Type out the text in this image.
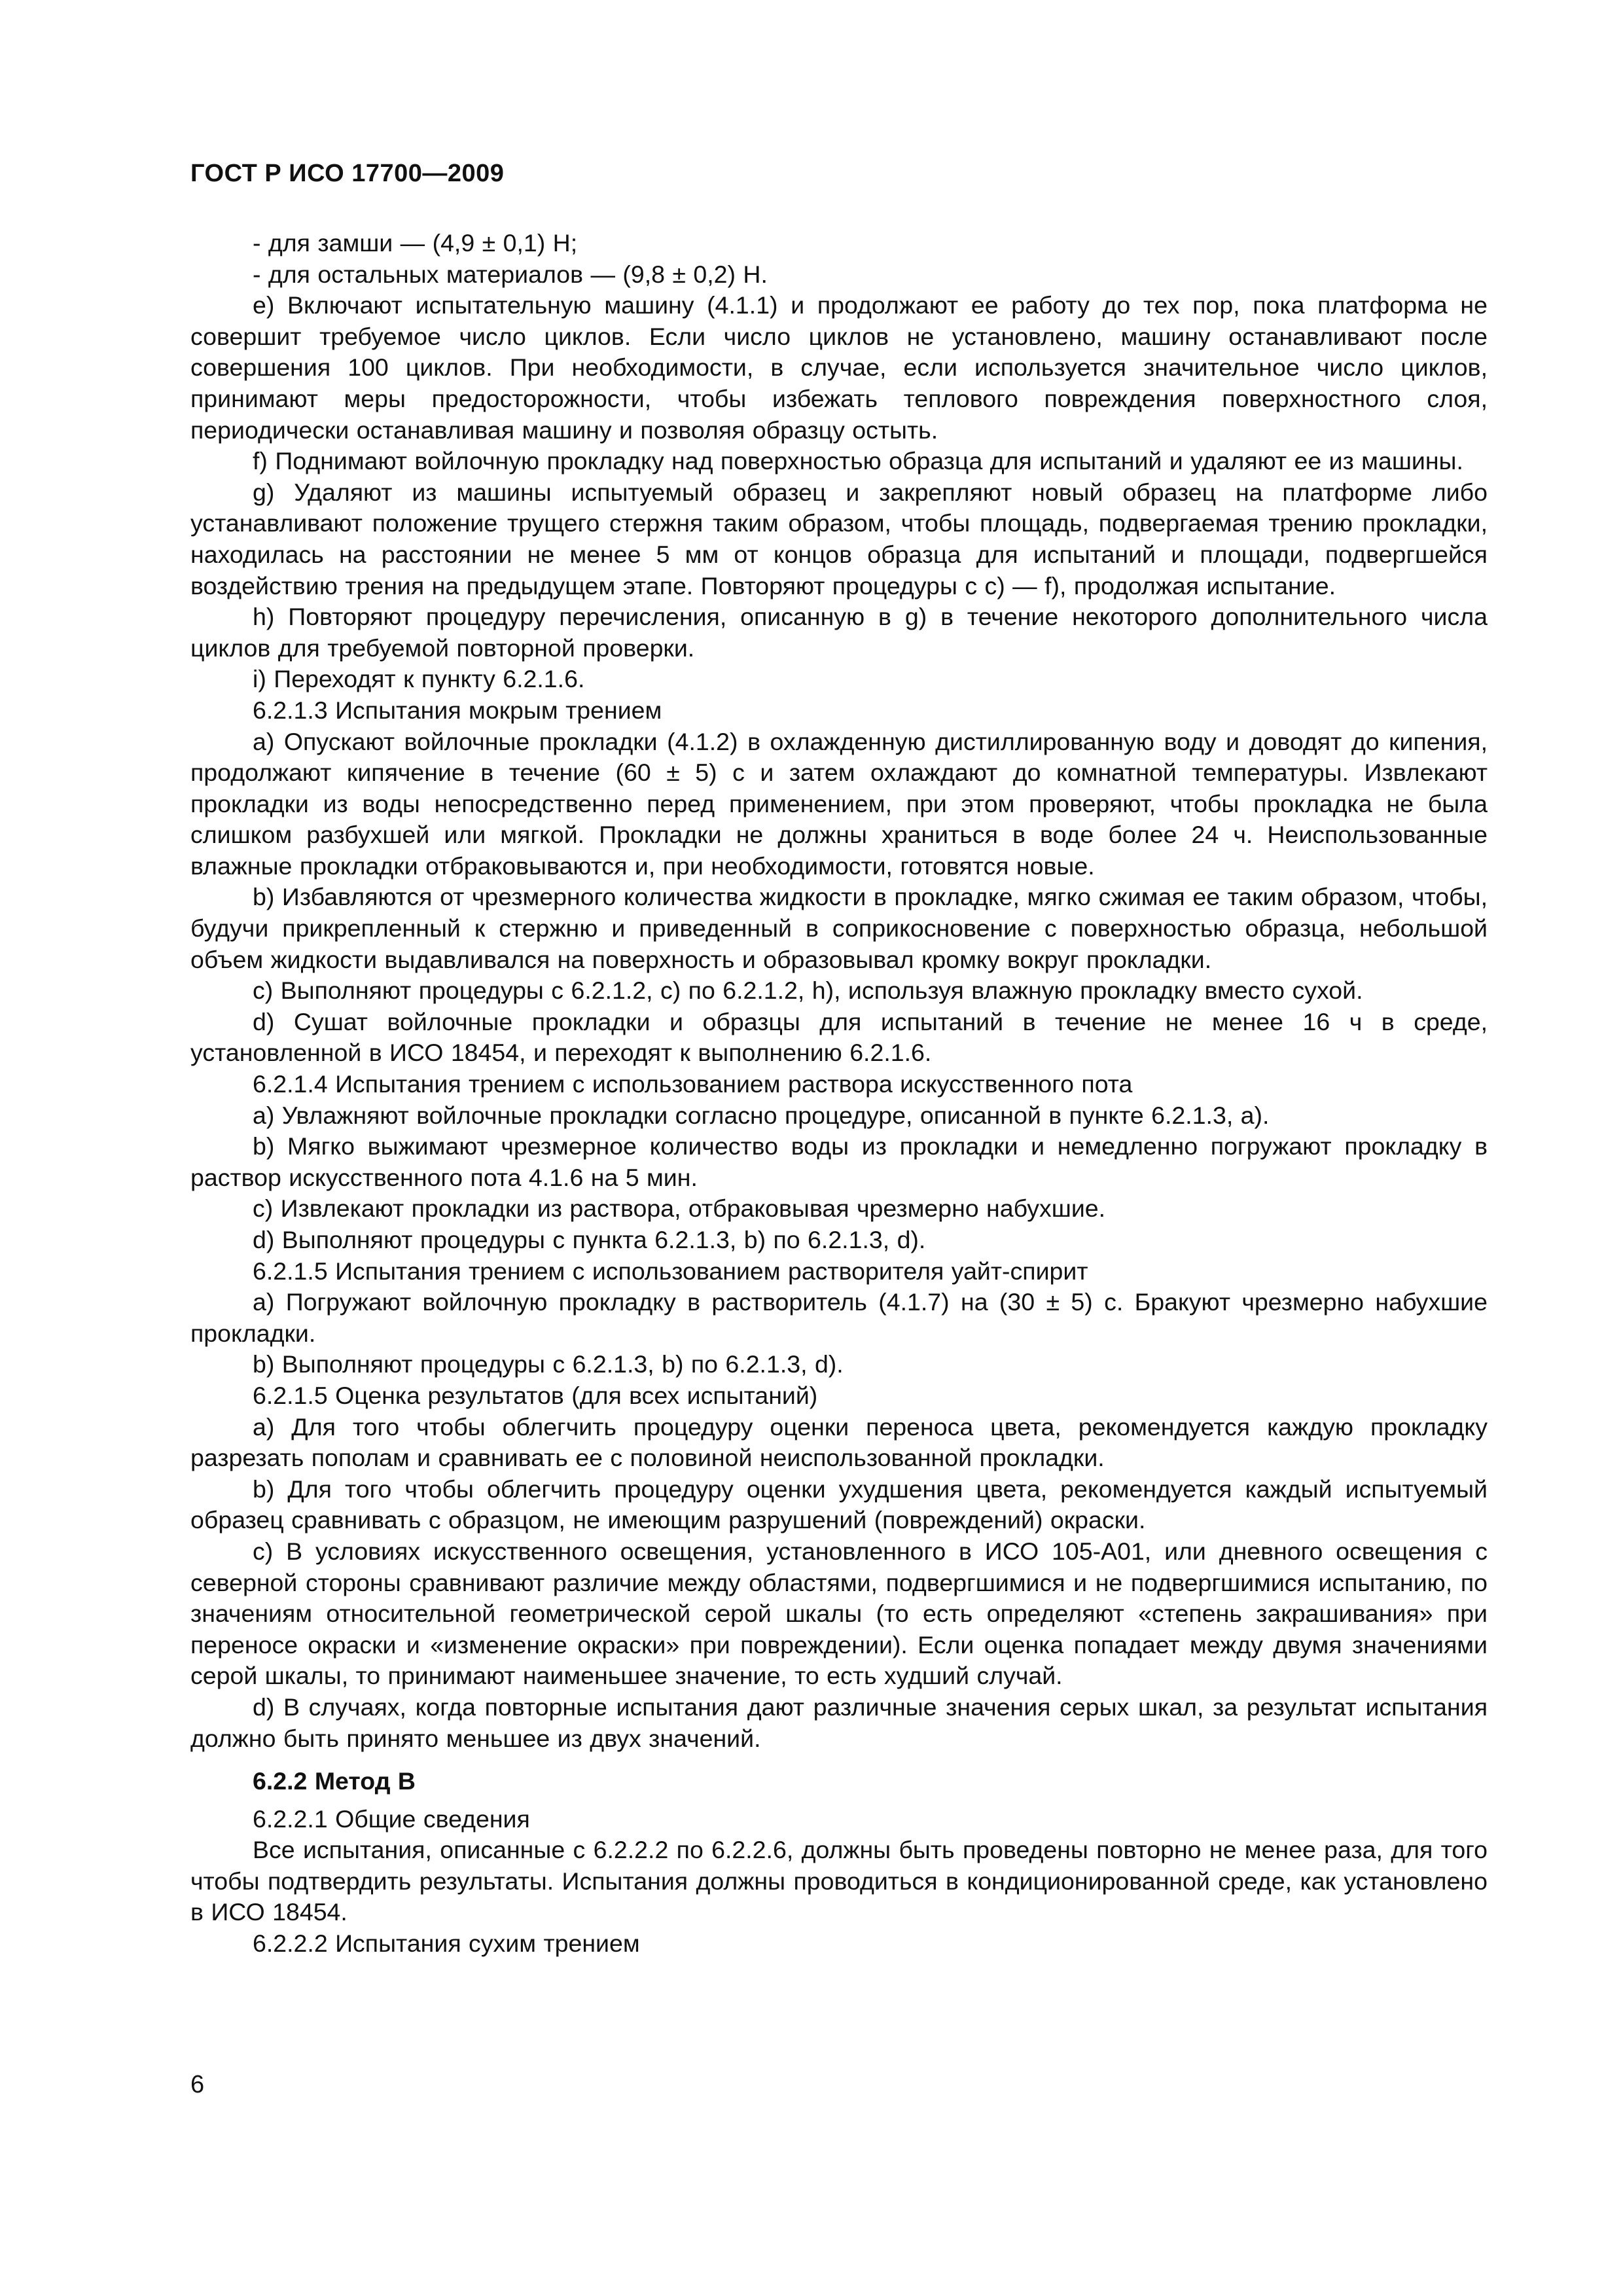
ГОСТ Р ИСО 17700—2009

- для замши — (4,9 ± 0,1) Н;

- для остальных материалов — (9,8 ± 0,2) Н.

е) Включают испытательную машину (4.1.1) и продолжают ее работу до тех пор, пока платформа не совершит требуемое число циклов. Если число циклов не установлено, машину останавливают после совершения 100 циклов. При необходимости, в случае, если используется значительное число циклов, принимают меры предосторожности, чтобы избежать теплового повреждения поверхностного слоя, периодически останавливая машину и позволяя образцу остыть.

f) Поднимают войлочную прокладку над поверхностью образца для испытаний и удаляют ее из машины.

g) Удаляют из машины испытуемый образец и закрепляют новый образец на платформе либо устанавливают положение трущего стержня таким образом, чтобы площадь, подвергаемая трению прокладки, находилась на расстоянии не менее 5 мм от концов образца для испытаний и площади, подвергшейся воздействию трения на предыдущем этапе. Повторяют процедуры с c) — f), продолжая испытание.

h) Повторяют процедуру перечисления, описанную в g) в течение некоторого дополнительного числа циклов для требуемой повторной проверки.

i) Переходят к пункту 6.2.1.6.

6.2.1.3 Испытания мокрым трением

a) Опускают войлочные прокладки (4.1.2) в охлажденную дистиллированную воду и доводят до кипения, продолжают кипячение в течение (60 ± 5) с и затем охлаждают до комнатной температуры. Извлекают прокладки из воды непосредственно перед применением, при этом проверяют, чтобы прокладка не была слишком разбухшей или мягкой. Прокладки не должны храниться в воде более 24 ч. Неиспользованные влажные прокладки отбраковываются и, при необходимости, готовятся новые.

b) Избавляются от чрезмерного количества жидкости в прокладке, мягко сжимая ее таким образом, чтобы, будучи прикрепленный к стержню и приведенный в соприкосновение с поверхностью образца, небольшой объем жидкости выдавливался на поверхность и образовывал кромку вокруг прокладки.

c) Выполняют процедуры с 6.2.1.2, c) по 6.2.1.2, h), используя влажную прокладку вместо сухой.

d) Сушат войлочные прокладки и образцы для испытаний в течение не менее 16 ч в среде, установленной в ИСО 18454, и переходят к выполнению 6.2.1.6.

6.2.1.4 Испытания трением с использованием раствора искусственного пота

a) Увлажняют войлочные прокладки согласно процедуре, описанной в пункте 6.2.1.3, a).

b) Мягко выжимают чрезмерное количество воды из прокладки и немедленно погружают прокладку в раствор искусственного пота 4.1.6 на 5 мин.

c) Извлекают прокладки из раствора, отбраковывая чрезмерно набухшие.

d) Выполняют процедуры с пункта 6.2.1.3, b) по 6.2.1.3, d).

6.2.1.5 Испытания трением с использованием растворителя уайт-спирит

a) Погружают войлочную прокладку в растворитель (4.1.7) на (30 ± 5) с. Бракуют чрезмерно набухшие прокладки.

b) Выполняют процедуры с 6.2.1.3, b) по 6.2.1.3, d).

6.2.1.5 Оценка результатов (для всех испытаний)

a) Для того чтобы облегчить процедуру оценки переноса цвета, рекомендуется каждую прокладку разрезать пополам и сравнивать ее с половиной неиспользованной прокладки.

b) Для того чтобы облегчить процедуру оценки ухудшения цвета, рекомендуется каждый испытуемый образец сравнивать с образцом, не имеющим разрушений (повреждений) окраски.

c) В условиях искусственного освещения, установленного в ИСО 105-А01, или дневного освещения с северной стороны сравнивают различие между областями, подвергшимися и не подвергшимися испытанию, по значениям относительной геометрической серой шкалы (то есть определяют «степень закрашивания» при переносе окраски и «изменение окраски» при повреждении). Если оценка попадает между двумя значениями серой шкалы, то принимают наименьшее значение, то есть худший случай.

d) В случаях, когда повторные испытания дают различные значения серых шкал, за результат испытания должно быть принято меньшее из двух значений.

6.2.2 Метод В

6.2.2.1 Общие сведения

Все испытания, описанные с 6.2.2.2 по 6.2.2.6, должны быть проведены повторно не менее раза, для того чтобы подтвердить результаты. Испытания должны проводиться в кондиционированной среде, как установлено в ИСО 18454.

6.2.2.2 Испытания сухим трением

6
